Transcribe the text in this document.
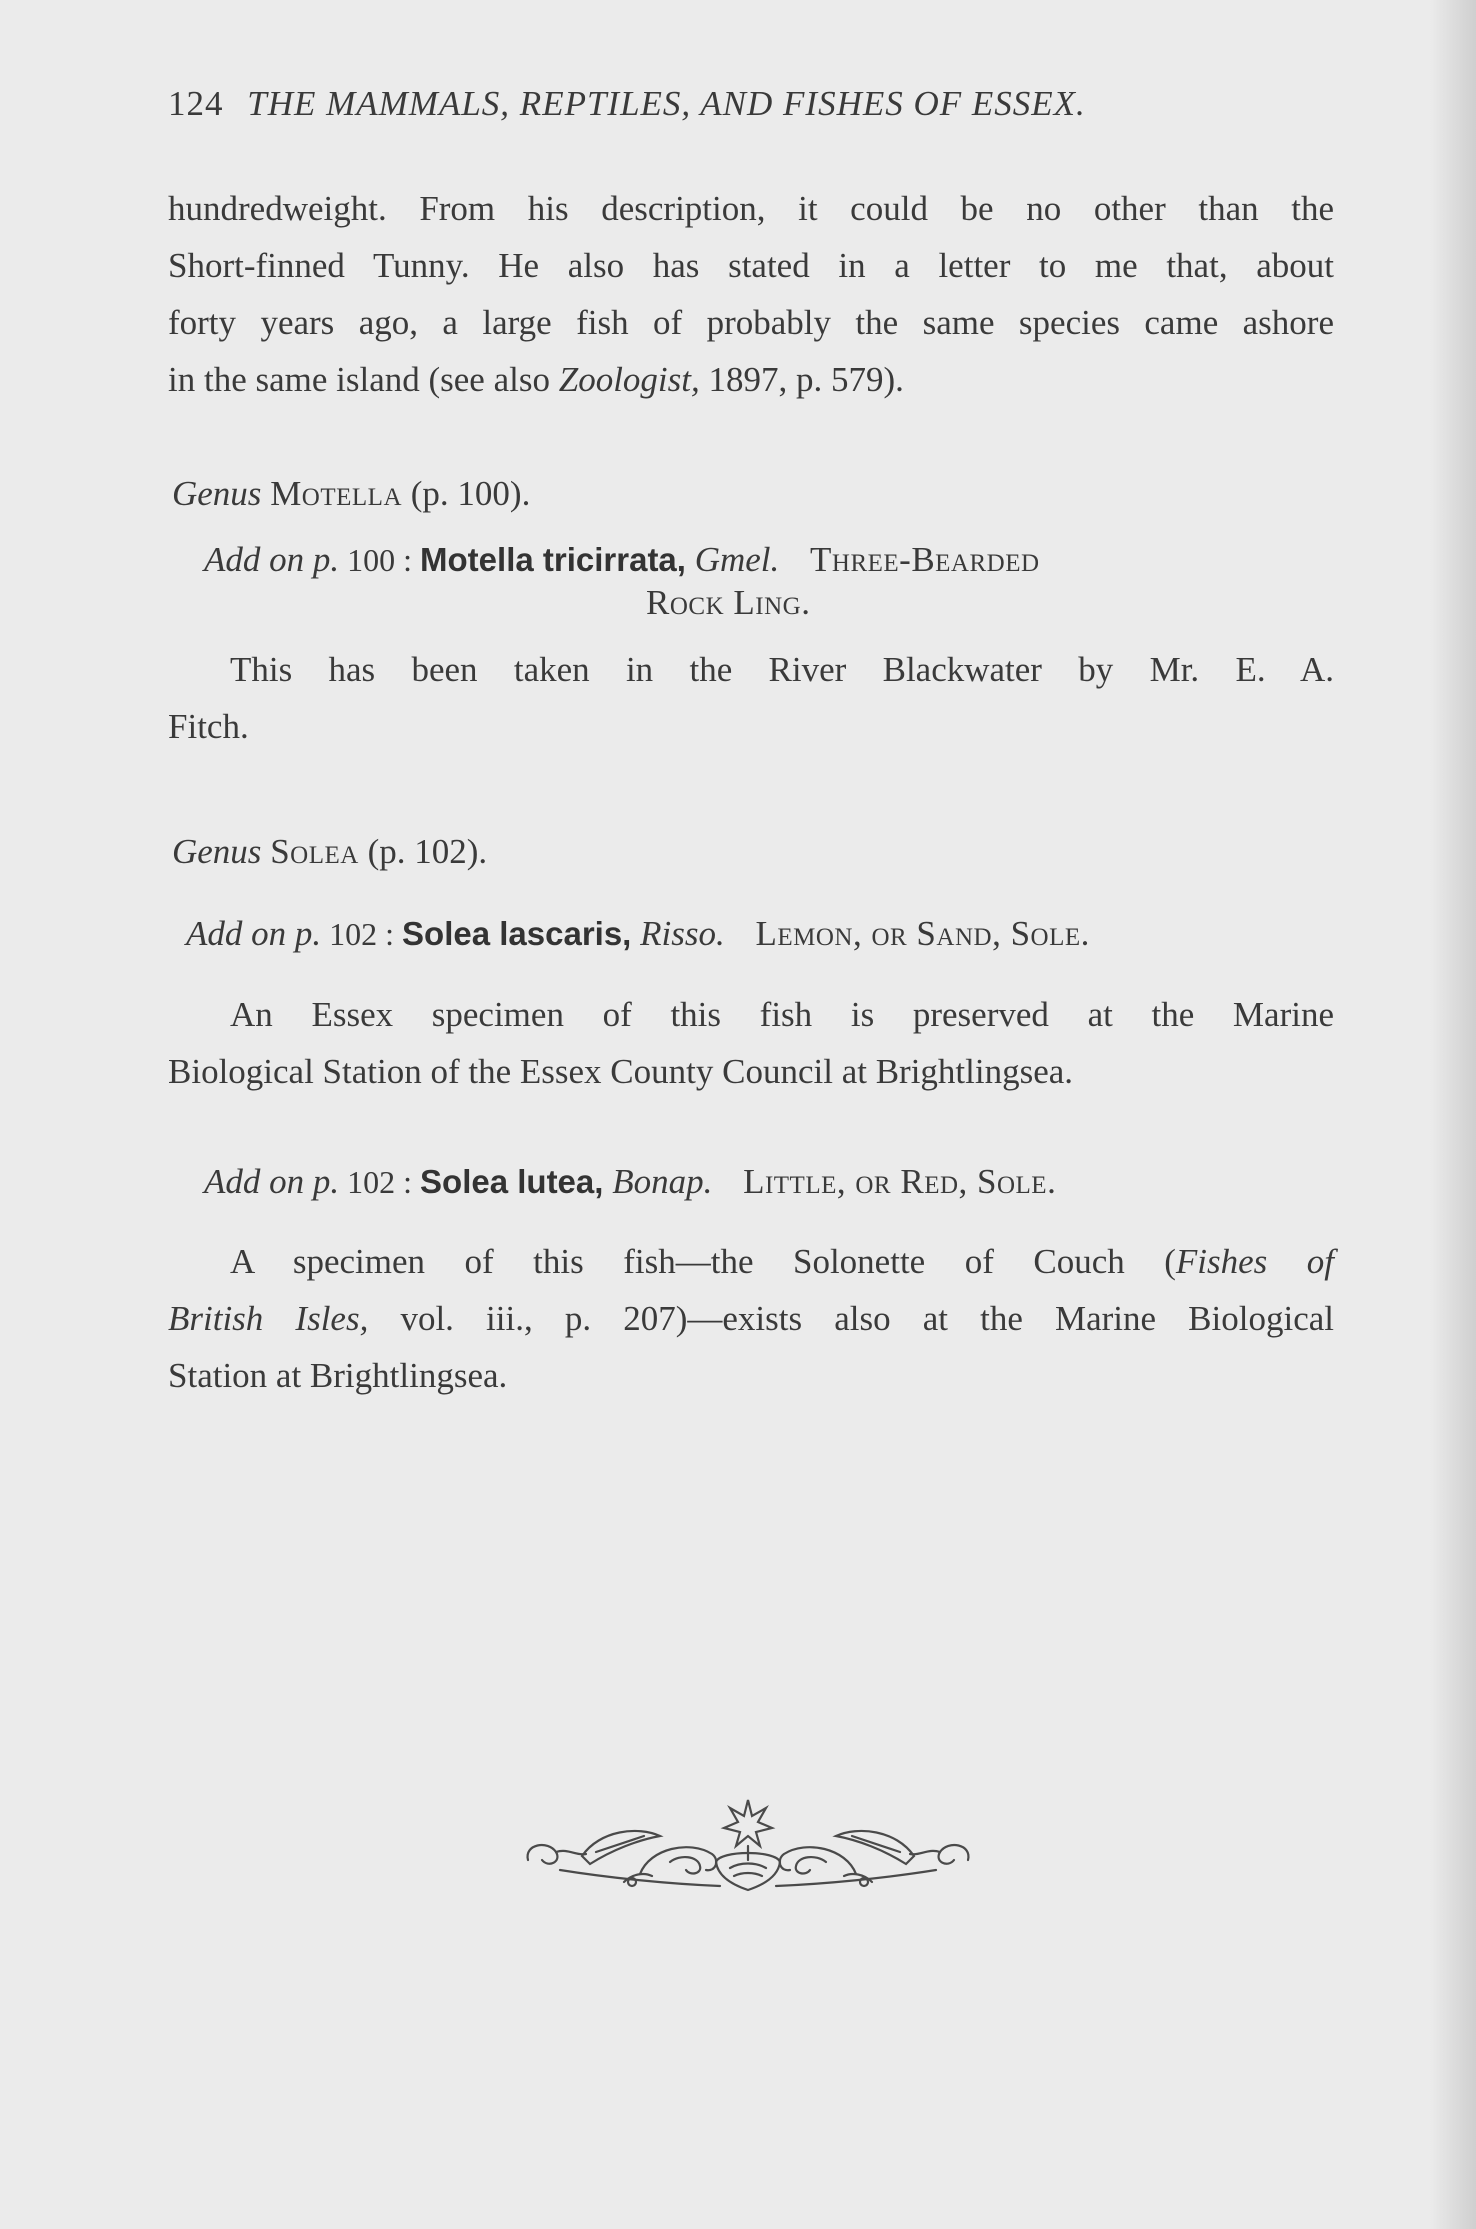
124 THE MAMMALS, REPTILES, AND FISHES OF ESSEX.

hundredweight. From his description, it could be no other than the
Short-finned Tunny. He also has stated in a letter to me that, about
forty years ago, a large fish of probably the same species came ashore
in the same island (see also Zoologist, 1897, p. 579).

Genus Motella (p. 100).
Add on p. 100 : Motella tricirrata, Gmel. Three-Bearded
Rock Ling.

This has been taken in the River Blackwater by Mr. E. A.
Fitch.

Genus Solea (p. 102).
Add on p. 102 : Solea lascaris, Risso. Lemon, or Sand, Sole.

An Essex specimen of this fish is preserved at the Marine
Biological Station of the Essex County Council at Brightlingsea.

Add on p. 102 : Solea lutea, Bonap. Little, or Red, Sole.

A specimen of this fish—the Solonette of Couch (Fishes of
British Isles, vol. iii., p. 207)—exists also at the Marine Biological
Station at Brightlingsea.
